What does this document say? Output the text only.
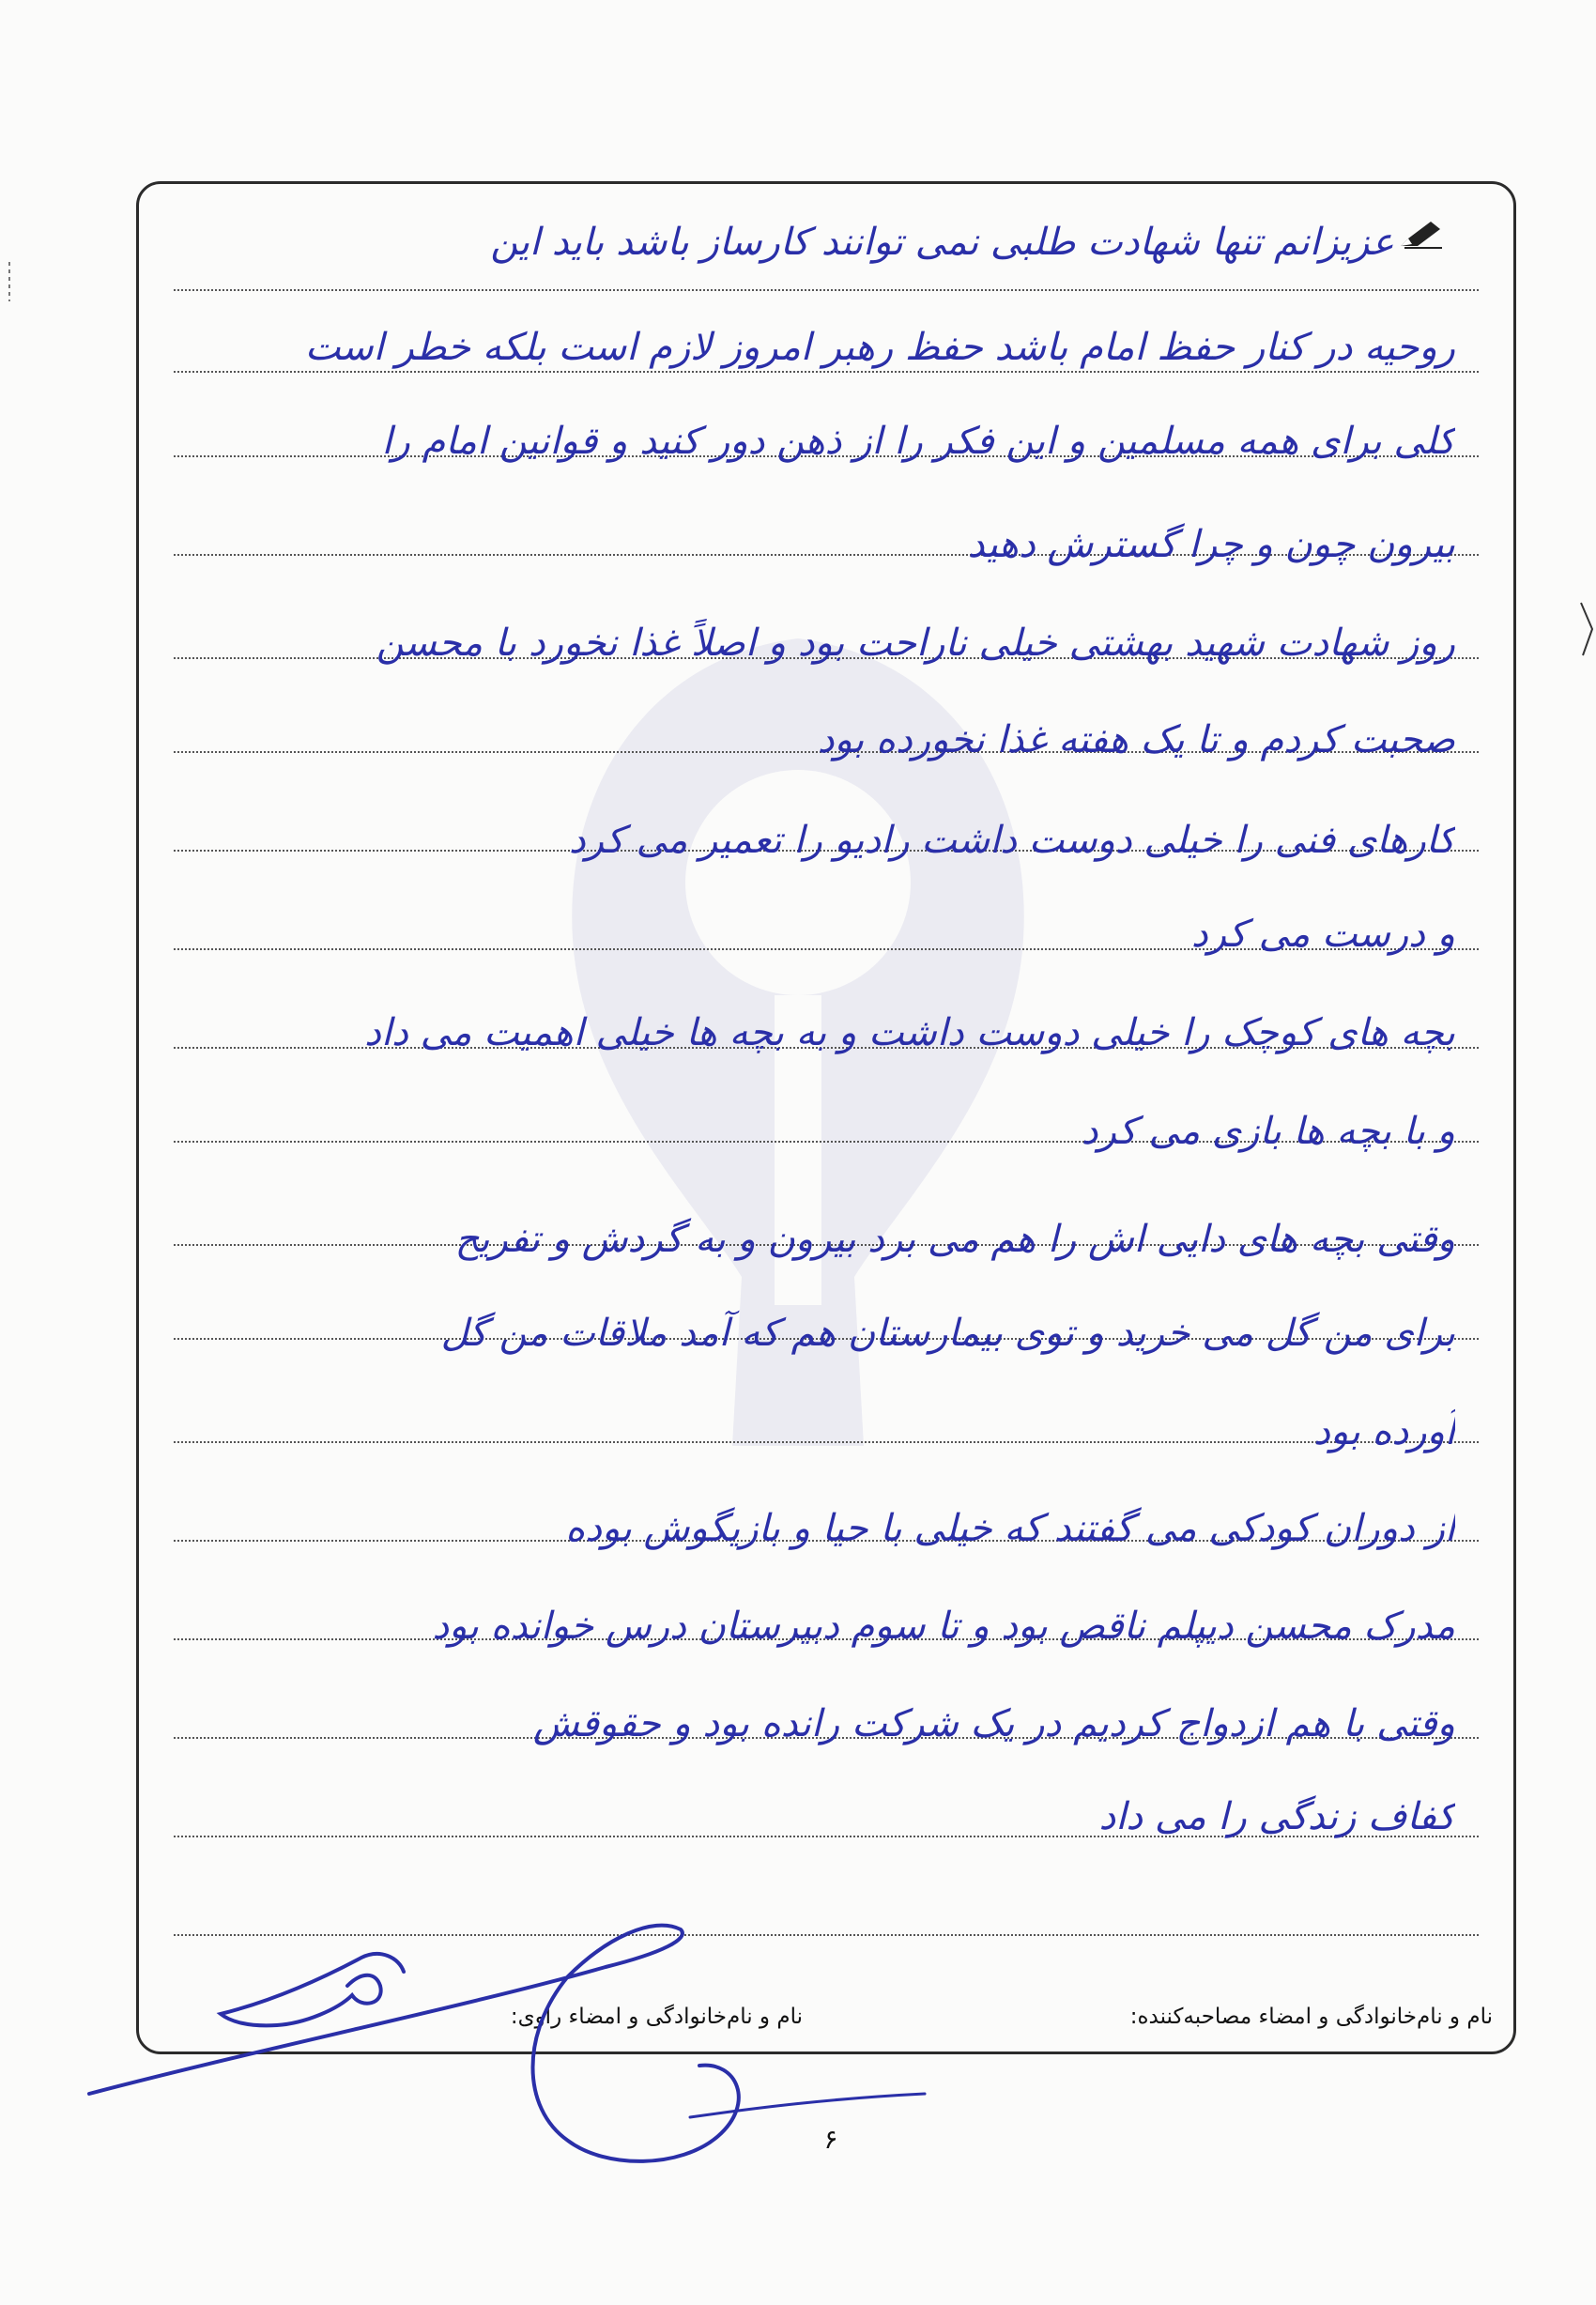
عزیزانم تنها شهادت طلبی نمی توانند کارساز باشد باید این
روحیه در کنار حفظ امام باشد حفظ رهبر امروز لازم است بلکه خطر است
کلی برای همه مسلمین و این فکر را از ذهن دور کنید و قوانین امام را
بیرون چون و چرا گسترش دهید
روز شهادت شهید بهشتی خیلی ناراحت بود و اصلاً غذا نخورد با محسن
صحبت کردم و تا یک هفته غذا نخورده بود
کارهای فنی را خیلی دوست داشت رادیو را تعمیر می کرد
و درست می کرد
بچه های کوچک را خیلی دوست داشت و به بچه ها خیلی اهمیت می داد
و با بچه ها بازی می کرد
وقتی بچه های دایی اش را هم می برد بیرون و به گردش و تفریح
برای من گل می خرید و توی بیمارستان هم که آمد ملاقات من گل
آورده بود
از دوران کودکی می گفتند که خیلی با حیا و بازیگوش بوده
مدرک محسن دیپلم ناقص بود و تا سوم دبیرستان درس خوانده بود
وقتی با هم ازدواج کردیم در یک شرکت رانده بود و حقوقش
کفاف زندگی را می داد
نام و نام‌خانوادگی و امضاء مصاحبه‌کننده:
نام و نام‌خانوادگی و امضاء راوی:
۶
